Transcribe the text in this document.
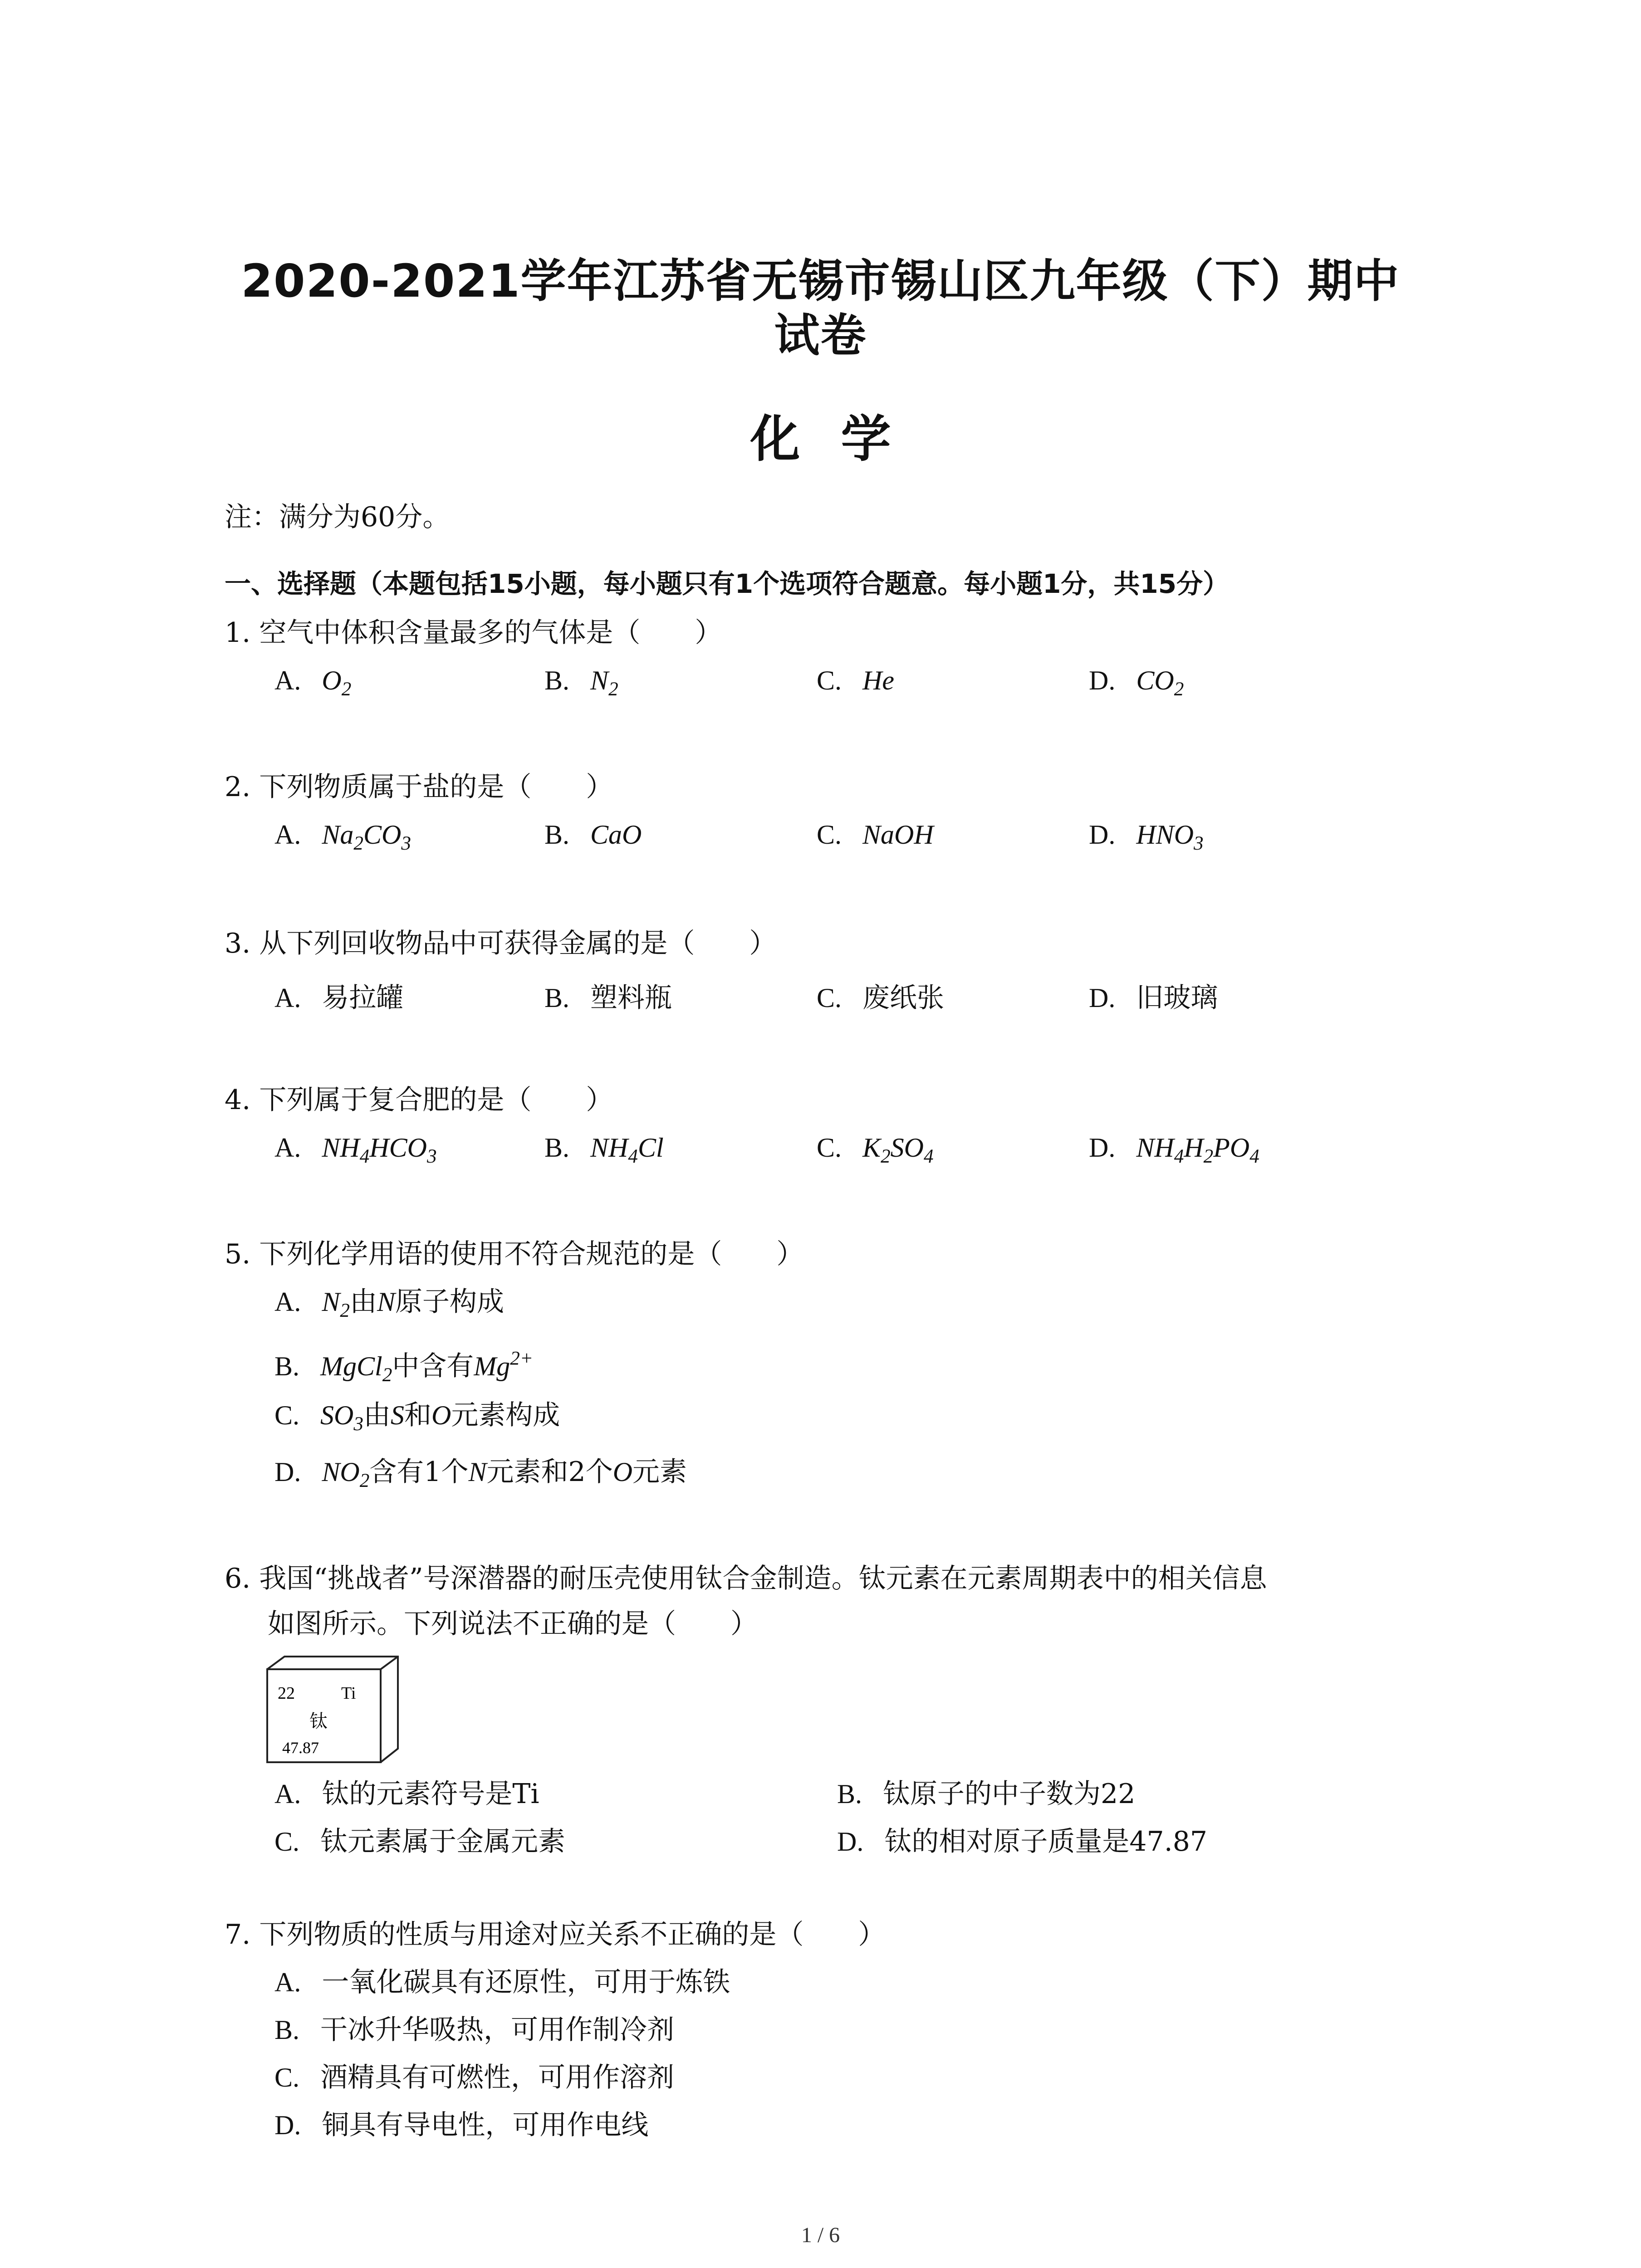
2020-2021学年江苏省无锡市锡山区九年级（下）期中
试卷
化学
注：满分为60分。
一、选择题（本题包括15小题，每小题只有1个选项符合题意。每小题1分，共15分）
1. 空气中体积含量最多的气体是（　　）
A. $O_2$	B. $N_2$	C. He	D. $CO_2$
2. 下列物质属于盐的是（　　）
A. $Na_2CO_3$	B. CaO	C. NaOH	D. $HNO_3$
3. 从下列回收物品中可获得金属的是（　　）
A. 易拉罐	B. 塑料瓶	C. 废纸张	D. 旧玻璃
4. 下列属于复合肥的是（　　）
A. $NH_4HCO_3$	B. $NH_4Cl$	C. $K_2SO_4$	D. $NH_4H_2PO_4$
5. 下列化学用语的使用不符合规范的是（　　）
A. $N_2$由N原子构成
B. MgCl$_2$中含有$Mg^{2+}$
C. $SO_3$由S和O元素构成
D. $NO_2$含有1个N元素和2个O元素
6. 我国“挑战者”号深潜器的耐压壳使用钛合金制造。钛元素在元素周期表中的相关信息
如图所示。下列说法不正确的是（　　）
22	Ti
钛
47.87
A. 钛的元素符号是Ti	B. 钛原子的中子数为22
C. 钛元素属于金属元素	D. 钛的相对原子质量是47.87
7. 下列物质的性质与用途对应关系不正确的是（　　）
A. 一氧化碳具有还原性，可用于炼铁
B. 干冰升华吸热，可用作制冷剂
C. 酒精具有可燃性，可用作溶剂
D. 铜具有导电性，可用作电线
1 / 6
